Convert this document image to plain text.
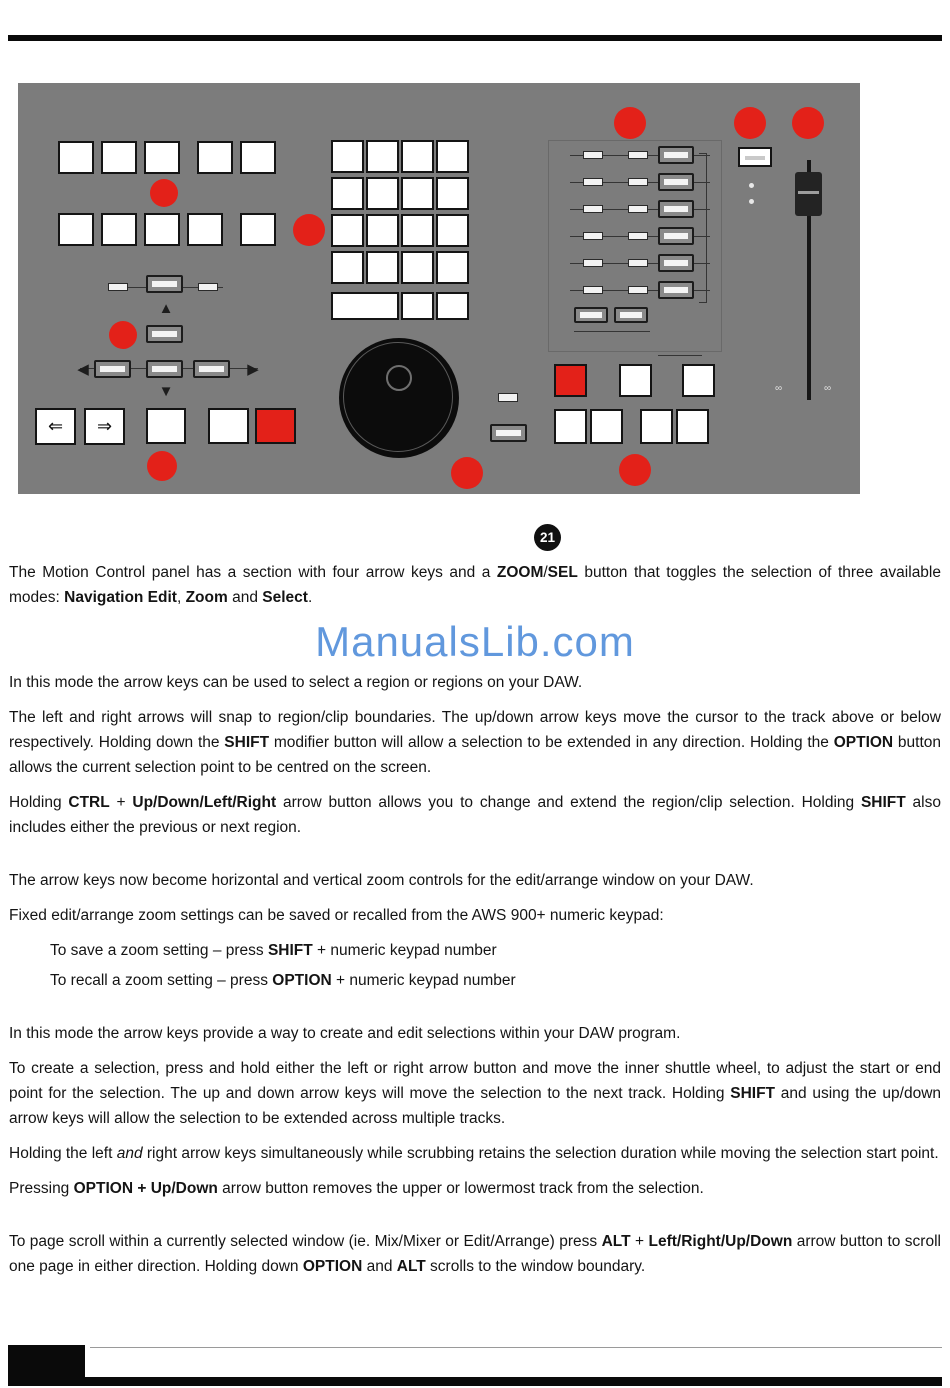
∞	∞
▲
◀	▶
▼
⇐	⇒
21

The Motion Control panel has a section with four arrow keys and a ZOOM/SEL button that toggles the selection of three available modes: Navigation Edit, Zoom and Select.

ManualsLib.com

In this mode the arrow keys can be used to select a region or regions on your DAW.

The left and right arrows will snap to region/clip boundaries. The up/down arrow keys move the cursor to the track above or below respectively. Holding down the SHIFT modifier button will allow a selection to be extended in any direction. Holding the OPTION button allows the current selection point to be centred on the screen.

Holding CTRL + Up/Down/Left/Right arrow button allows you to change and extend the region/clip selection. Holding SHIFT also includes either the previous or next region.

The arrow keys now become horizontal and vertical zoom controls for the edit/arrange window on your DAW.

Fixed edit/arrange zoom settings can be saved or recalled from the AWS 900+ numeric keypad:

To save a zoom setting – press SHIFT + numeric keypad number

To recall a zoom setting – press OPTION + numeric keypad number

In this mode the arrow keys provide a way to create and edit selections within your DAW program.

To create a selection, press and hold either the left or right arrow button and move the inner shuttle wheel, to adjust the start or end point for the selection. The up and down arrow keys will move the selection to the next track. Holding SHIFT and using the up/down arrow keys will allow the selection to be extended across multiple tracks.

Holding the left and right arrow keys simultaneously while scrubbing retains the selection duration while moving the selection start point.

Pressing OPTION + Up/Down arrow button removes the upper or lowermost track from the selection.

To page scroll within a currently selected window (ie. Mix/Mixer or Edit/Arrange) press ALT + Left/Right/Up/Down arrow button to scroll one page in either direction. Holding down OPTION and ALT scrolls to the window boundary.
